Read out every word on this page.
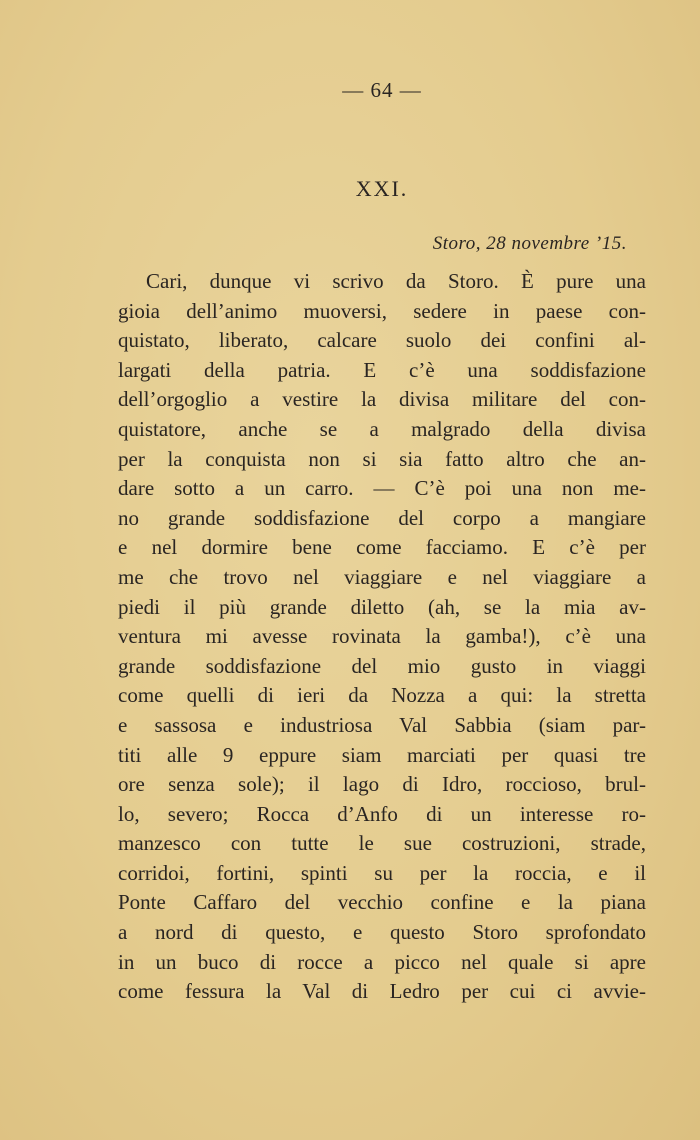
— 64 —
XXI.
Storo, 28 novembre ’15.
Cari, dunque vi scrivo da Storo. È pure una
gioia dell’animo muoversi, sedere in paese con-
quistato, liberato, calcare suolo dei confini al-
largati della patria. E c’è una soddisfazione
dell’orgoglio a vestire la divisa militare del con-
quistatore, anche se a malgrado della divisa
per la conquista non si sia fatto altro che an-
dare sotto a un carro. — C’è poi una non me-
no grande soddisfazione del corpo a mangiare
e nel dormire bene come facciamo. E c’è per
me che trovo nel viaggiare e nel viaggiare a
piedi il più grande diletto (ah, se la mia av-
ventura mi avesse rovinata la gamba!), c’è una
grande soddisfazione del mio gusto in viaggi
come quelli di ieri da Nozza a qui: la stretta
e sassosa e industriosa Val Sabbia (siam par-
titi alle 9 eppure siam marciati per quasi tre
ore senza sole); il lago di Idro, roccioso, brul-
lo, severo; Rocca d’Anfo di un interesse ro-
manzesco con tutte le sue costruzioni, strade,
corridoi, fortini, spinti su per la roccia, e il
Ponte Caffaro del vecchio confine e la piana
a nord di questo, e questo Storo sprofondato
in un buco di rocce a picco nel quale si apre
come fessura la Val di Ledro per cui ci avvie-
